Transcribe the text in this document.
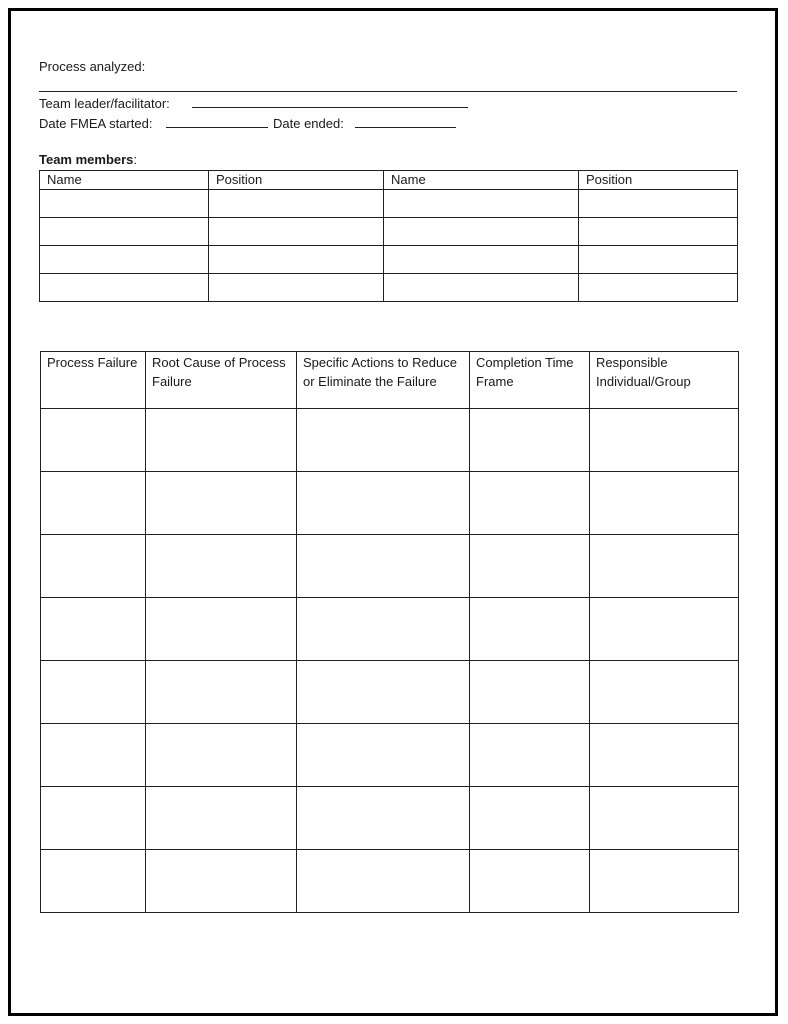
Process analyzed:
Team leader/facilitator:
Date FMEA started:	Date ended:
Team members:
Name	Position	Name	Position

Process Failure	Root Cause of Process Failure	Specific Actions to Reduce or Eliminate the Failure	Completion Time Frame	Responsible Individual/Group
